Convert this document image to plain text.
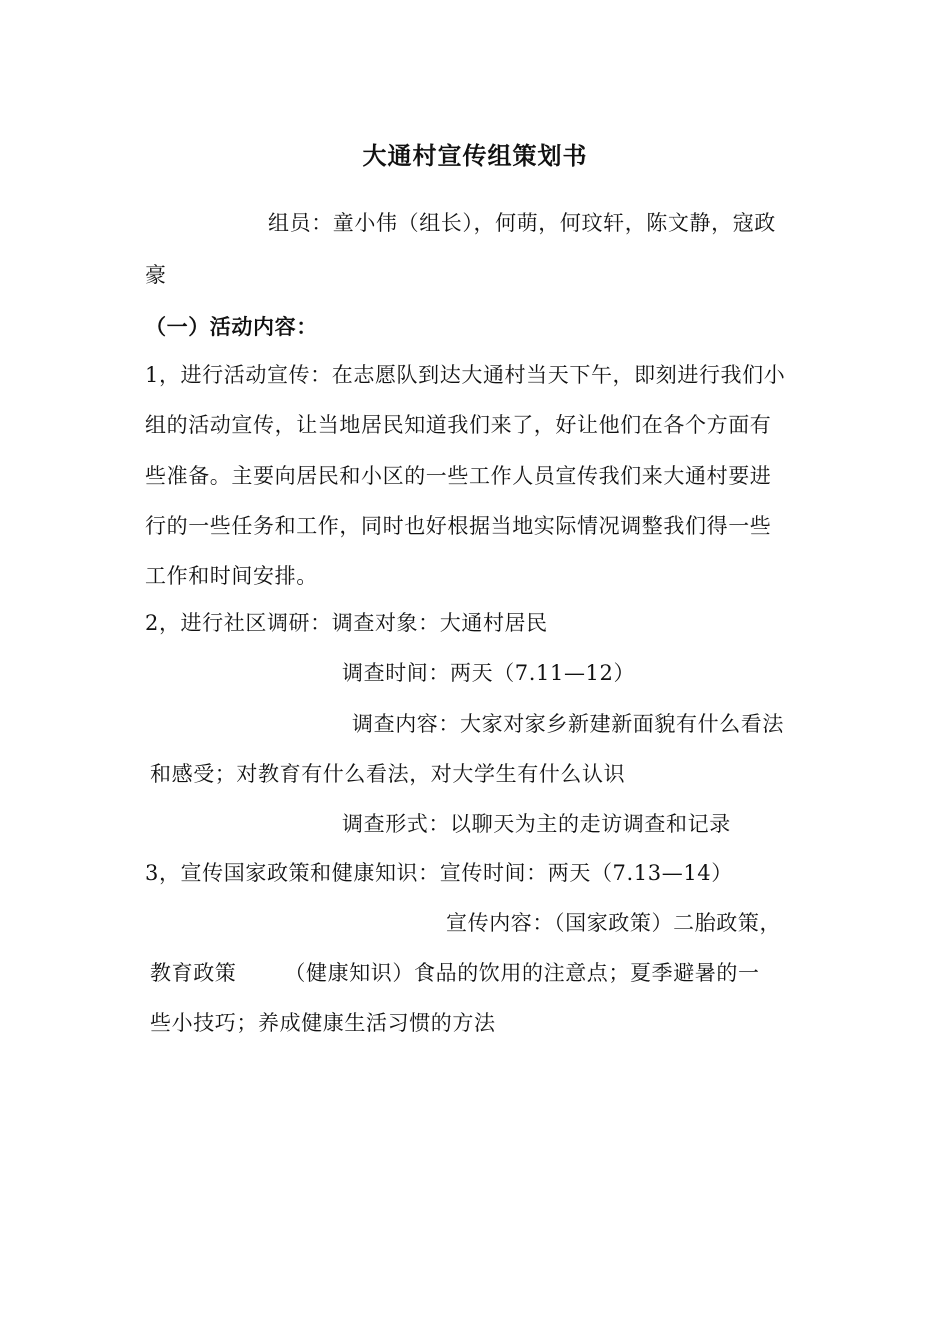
大通村宣传组策划书
组员：童小伟（组长），何萌，何玟轩，陈文静，寇政
豪
（一）活动内容：
1，进行活动宣传：在志愿队到达大通村当天下午，即刻进行我们小
组的活动宣传，让当地居民知道我们来了，好让他们在各个方面有
些准备。主要向居民和小区的一些工作人员宣传我们来大通村要进
行的一些任务和工作，同时也好根据当地实际情况调整我们得一些
工作和时间安排。
2，进行社区调研：调查对象：大通村居民
调查时间：两天（7.11—12）
调查内容：大家对家乡新建新面貌有什么看法
和感受；对教育有什么看法，对大学生有什么认识
调查形式：以聊天为主的走访调查和记录
3，宣传国家政策和健康知识：宣传时间：两天（7.13—14）
宣传内容：（国家政策）二胎政策，
教育政策 （健康知识）食品的饮用的注意点；夏季避暑的一
些小技巧；养成健康生活习惯的方法
